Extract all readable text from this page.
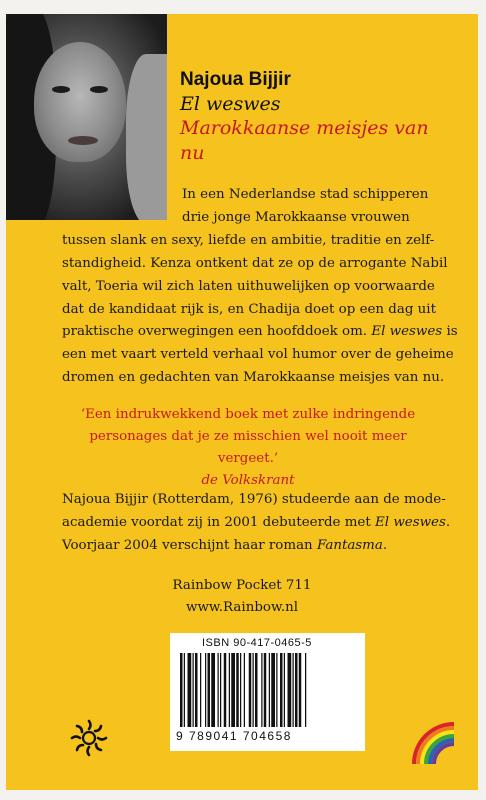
Najoua Bijjir
El weswes
Marokkaanse meisjes van nu
In een Nederlandse stad schipperen
drie jonge Marokkaanse vrouwen
tussen slank en sexy, liefde en ambitie, traditie en zelf-
standigheid. Kenza ontkent dat ze op de arrogante Nabil
valt, Toeria wil zich laten uithuwelijken op voorwaarde
dat de kandidaat rijk is, en Chadija doet op een dag uit
praktische overwegingen een hoofddoek om. El weswes is
een met vaart verteld verhaal vol humor over de geheime
dromen en gedachten van Marokkaanse meisjes van nu.
‘Een indrukwekkend boek met zulke indringende personages dat je ze misschien wel nooit meer vergeet.’
de Volkskrant
Najoua Bijjir (Rotterdam, 1976) studeerde aan de mode-academie voordat zij in 2001 debuteerde met El weswes. Voorjaar 2004 verschijnt haar roman Fantasma.
Rainbow Pocket 711
www.Rainbow.nl
ISBN 90-417-0465-5
9 789041 704658
